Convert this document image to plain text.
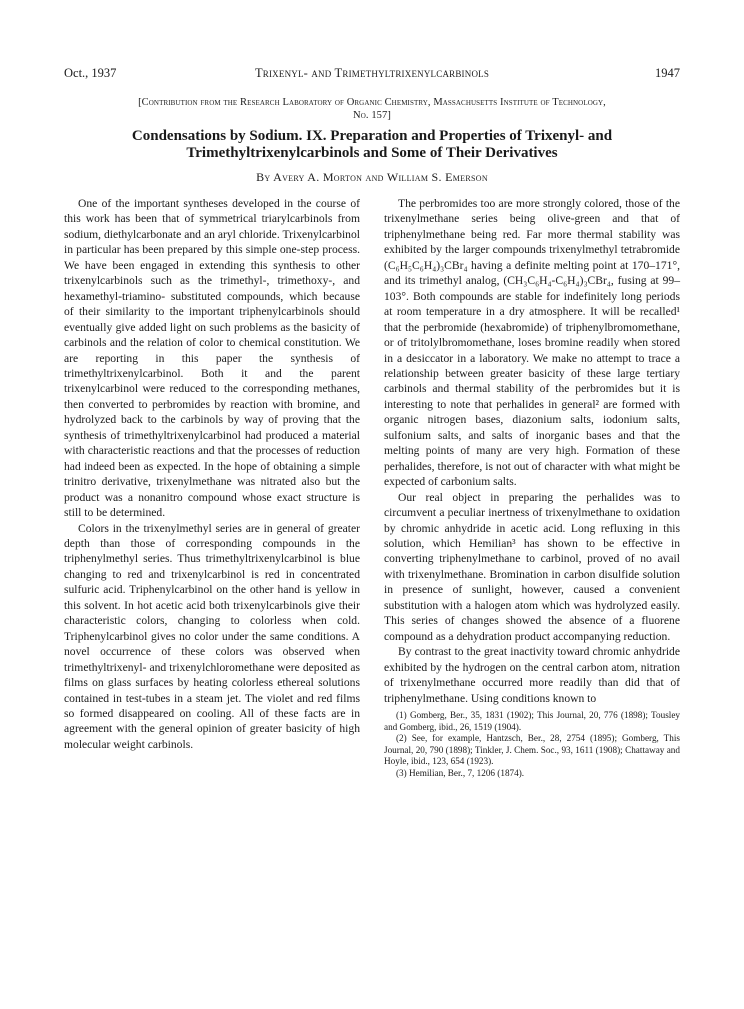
Oct., 1937	Trixenyl- and Trimethyltrixenylcarbinols	1947
[Contribution from the Research Laboratory of Organic Chemistry, Massachusetts Institute of Technology,
No. 157]
Condensations by Sodium. IX. Preparation and Properties of Trixenyl- and
Trimethyltrixenylcarbinols and Some of Their Derivatives
By Avery A. Morton and William S. Emerson

One of the important syntheses developed in the course of this work has been that of symmetrical triarylcarbinols from sodium, diethylcarbonate and an aryl chloride. Trixenylcarbinol in particular has been prepared by this simple one-step process. We have been engaged in extending this synthesis to other trixenylcarbinols such as the trimethyl-, trimethoxy-, and hexamethyl-triamino- substituted compounds, which because of their similarity to the important triphenylcarbinols should eventually give added light on such problems as the basicity of carbinols and the relation of color to chemical constitution. We are reporting in this paper the synthesis of trimethyltrixenylcarbinol. Both it and the parent trixenylcarbinol were reduced to the corresponding methanes, then converted to perbromides by reaction with bromine, and hydrolyzed back to the carbinols by way of proving that the synthesis of trimethyltrixenylcarbinol had produced a material with characteristic reactions and that the processes of reduction had indeed been as expected. In the hope of obtaining a simple trinitro derivative, trixenylmethane was nitrated also but the product was a nonanitro compound whose exact structure is still to be determined.

Colors in the trixenylmethyl series are in general of greater depth than those of corresponding compounds in the triphenylmethyl series. Thus trimethyltrixenylcarbinol is blue changing to red and trixenylcarbinol is red in concentrated sulfuric acid. Triphenylcarbinol on the other hand is yellow in this solvent. In hot acetic acid both trixenylcarbinols give their characteristic colors, changing to colorless when cold. Triphenylcarbinol gives no color under the same conditions. A novel occurrence of these colors was observed when trimethyltrixenyl- and trixenylchloromethane were deposited as films on glass surfaces by heating colorless ethereal solutions contained in test-tubes in a steam jet. The violet and red films so formed disappeared on cooling. All of these facts are in agreement with the general opinion of greater basicity of high molecular weight carbinols.

The perbromides too are more strongly colored, those of the trixenylmethane series being olive-green and that of triphenylmethane being red. Far more thermal stability was exhibited by the larger compounds trixenylmethyl tetrabromide (C₆H₅C₆H₄)₃CBr₄ having a definite melting point at 170–171°, and its trimethyl analog, (CH₃C₆H₄-C₆H₄)₃CBr₄, fusing at 99–103°. Both compounds are stable for indefinitely long periods at room temperature in a dry atmosphere. It will be recalled¹ that the perbromide (hexabromide) of triphenylbromomethane, or of tritolylbromomethane, loses bromine readily when stored in a desiccator in a laboratory. We make no attempt to trace a relationship between greater basicity of these large tertiary carbinols and thermal stability of the perbromides but it is interesting to note that perhalides in general² are formed with organic nitrogen bases, diazonium salts, iodonium salts, sulfonium salts, and salts of inorganic bases and that the melting points of many are very high. Formation of these perhalides, therefore, is not out of character with what might be expected of carbonium salts.

Our real object in preparing the perhalides was to circumvent a peculiar inertness of trixenylmethane to oxidation by chromic anhydride in acetic acid. Long refluxing in this solution, which Hemilian³ has shown to be effective in converting triphenylmethane to carbinol, proved of no avail with trixenylmethane. Bromination in carbon disulfide solution in presence of sunlight, however, caused a convenient substitution with a halogen atom which was hydrolyzed easily. This series of changes showed the absence of a fluorene compound as a dehydration product accompanying reduction.

By contrast to the great inactivity toward chromic anhydride exhibited by the hydrogen on the central carbon atom, nitration of trixenylmethane occurred more readily than did that of triphenylmethane. Using conditions known to

(1) Gomberg, Ber., 35, 1831 (1902); This Journal, 20, 776 (1898); Tousley and Gomberg, ibid., 26, 1519 (1904).
(2) See, for example, Hantzsch, Ber., 28, 2754 (1895); Gomberg, This Journal, 20, 790 (1898); Tinkler, J. Chem. Soc., 93, 1611 (1908); Chattaway and Hoyle, ibid., 123, 654 (1923).
(3) Hemilian, Ber., 7, 1206 (1874).
